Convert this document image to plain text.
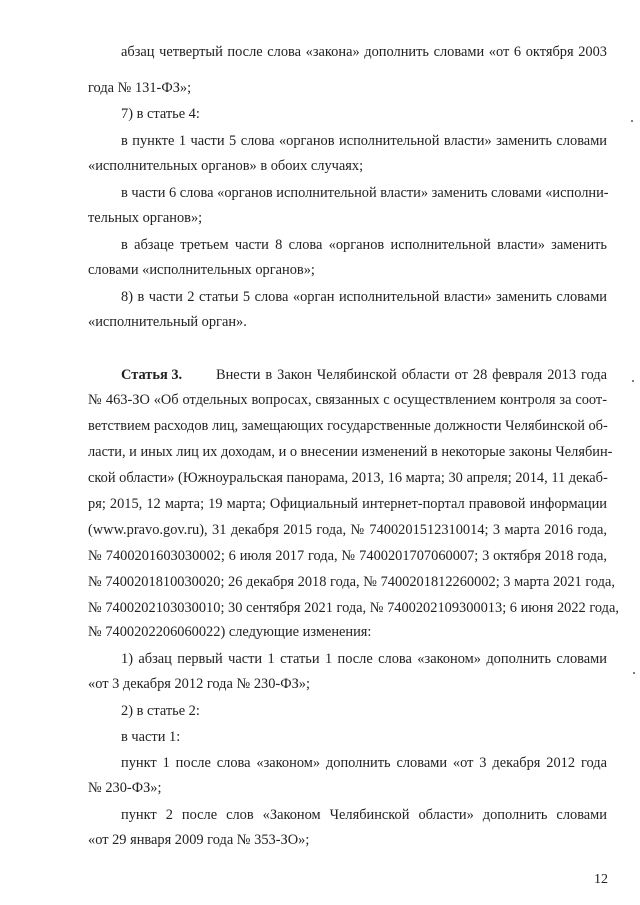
абзац четвертый после слова «закона» дополнить словами «от 6 октября 2003
года № 131-ФЗ»;
7) в статье 4:
в пункте 1 части 5 слова «органов исполнительной власти» заменить словами
«исполнительных органов» в обоих случаях;
в части 6 слова «органов исполнительной власти» заменить словами «исполни-
тельных органов»;
в абзаце третьем части 8 слова «органов исполнительной власти» заменить
словами «исполнительных органов»;
8) в части 2 статьи 5 слова «орган исполнительной власти» заменить словами
«исполнительный орган».
Статья 3. Внести в Закон Челябинской области от 28 февраля 2013 года
№ 463-ЗО «Об отдельных вопросах, связанных с осуществлением контроля за соот-
ветствием расходов лиц, замещающих государственные должности Челябинской об-
ласти, и иных лиц их доходам, и о внесении изменений в некоторые законы Челябин-
ской области» (Южноуральская панорама, 2013, 16 марта; 30 апреля; 2014, 11 декаб-
ря; 2015, 12 марта; 19 марта; Официальный интернет-портал правовой информации
(www.pravo.gov.ru), 31 декабря 2015 года, № 7400201512310014; 3 марта 2016 года,
№ 7400201603030002; 6 июля 2017 года, № 7400201707060007; 3 октября 2018 года,
№ 7400201810030020; 26 декабря 2018 года, № 7400201812260002; 3 марта 2021 года,
№ 7400202103030010; 30 сентября 2021 года, № 7400202109300013; 6 июня 2022 года,
№ 7400202206060022) следующие изменения:
1) абзац первый части 1 статьи 1 после слова «законом» дополнить словами
«от 3 декабря 2012 года № 230-ФЗ»;
2) в статье 2:
в части 1:
пункт 1 после слова «законом» дополнить словами «от 3 декабря 2012 года
№ 230-ФЗ»;
пункт 2 после слов «Законом Челябинской области» дополнить словами
«от 29 января 2009 года № 353-ЗО»;
12
